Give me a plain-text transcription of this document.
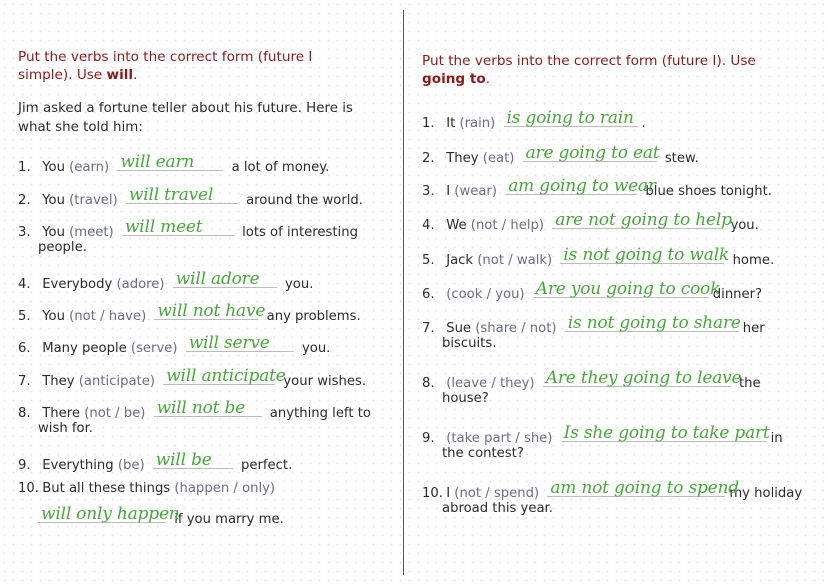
Put the verbs into the correct form (future I
simple). Use will.
Jim asked a fortune teller about his future. Here is
what she told him:
1. You (earn) will earn	a lot of money.
2. You (travel) will travel around the world.
3. You (meet) will meet	lots of interesting
people.
4. Everybody (adore) will adore you.
5. You (not / have) will not have any problems.
6. Many people (serve) will serve you.
7. They (anticipate) will anticipate
your wishes.
8. There (not / be) will not be anything left to
wish for.
9. Everything (be) will be perfect.
10. But all these things (happen / only)
will only happen
if you marry me.
Put the verbs into the correct form (future I). Use
going to.
1. It (rain) is going to rain .
2. They (eat) are going to eat stew.
3. I (wear) am going to wear
blue shoes tonight.
4. We (not / help) are not going to help
you.
5. Jack (not / walk) is not going to walk home.
6. (cook / you) Are you going to cook
dinner?
7. Sue (share / not) is not going to share her
biscuits.
8. (leave / they) Are they going to leave
the
house?
9. (take part / she) Is she going to take part in
the contest?
10. I (not / spend) am not going to spend
my holiday
abroad this year.
